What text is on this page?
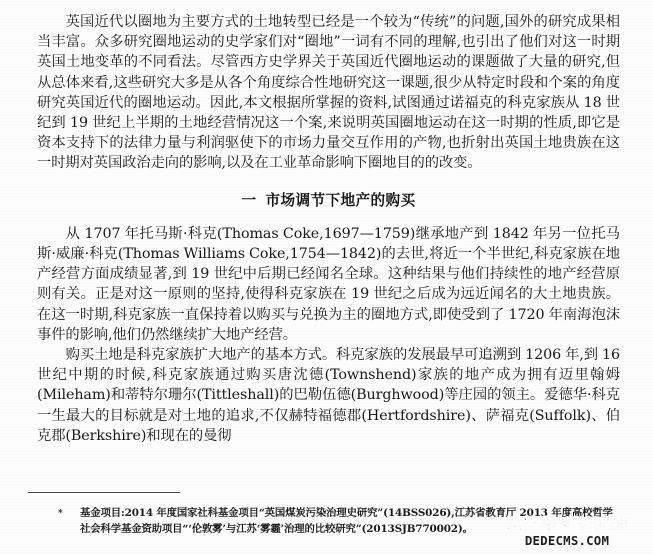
英国近代以圈地为主要方式的土地转型已经是一个较为“传统”的问题,国外的研究成果相当丰富。众多研究圈地运动的史学家们对“圈地”一词有不同的理解,也引出了他们对这一时期英国土地变革的不同看法。尽管西方史学界关于英国近代圈地运动的课题做了大量的研究,但从总体来看,这些研究大多是从各个角度综合性地研究这一课题,很少从特定时段和个案的角度研究英国近代的圈地运动。因此,本文根据所掌握的资料,试图通过诺福克的科克家族从 18 世纪到 19 世纪上半期的土地经营情况这一个案,来说明英国圈地运动在这一时期的性质,即它是资本支持下的法律力量与利润驱使下的市场力量交互作用的产物,也折射出英国土地贵族在这一时期对英国政治走向的影响,以及在工业革命影响下圈地目的的改变。

一 市场调节下地产的购买

从 1707 年托马斯·科克(Thomas Coke,1697—1759)继承地产到 1842 年另一位托马斯·威廉·科克(Thomas Williams Coke,1754—1842)的去世,将近一个半世纪,科克家族在地产经营方面成绩显著,到 19 世纪中后期已经闻名全球。这种结果与他们持续性的地产经营原则有关。正是对这一原则的坚持,使得科克家族在 19 世纪之后成为远近闻名的大土地贵族。在这一时期,科克家族一直保持着以购买与兑换为主的圈地方式,即使受到了 1720 年南海泡沫事件的影响,他们仍然继续扩大地产经营。

购买土地是科克家族扩大地产的基本方式。科克家族的发展最早可追溯到 1206 年,到 16 世纪中期的时候,科克家族通过购买唐沈德(Townshend)家族的地产成为拥有迈里翰姆(Mileham)和蒂特尔珊尔(Tittleshall)的巴勒伍德(Burghwood)等庄园的领主。爱德华·科克一生最大的目标就是对土地的追求,不仅赫特福德郡(Hertfordshire)、萨福克(Suffolk)、伯克郡(Berkshire)和现在的曼彻

* 基金项目:2014 年度国家社科基金项目“英国煤炭污染治理史研究”(14BSS026),江苏省教育厅 2013 年度高校哲学社会科学基金资助项目“‘伦敦雾’与江苏‘雾霾’治理的比较研究”(2013SJB770002)。	织梦内容管理系统
DEDECMS.COM
